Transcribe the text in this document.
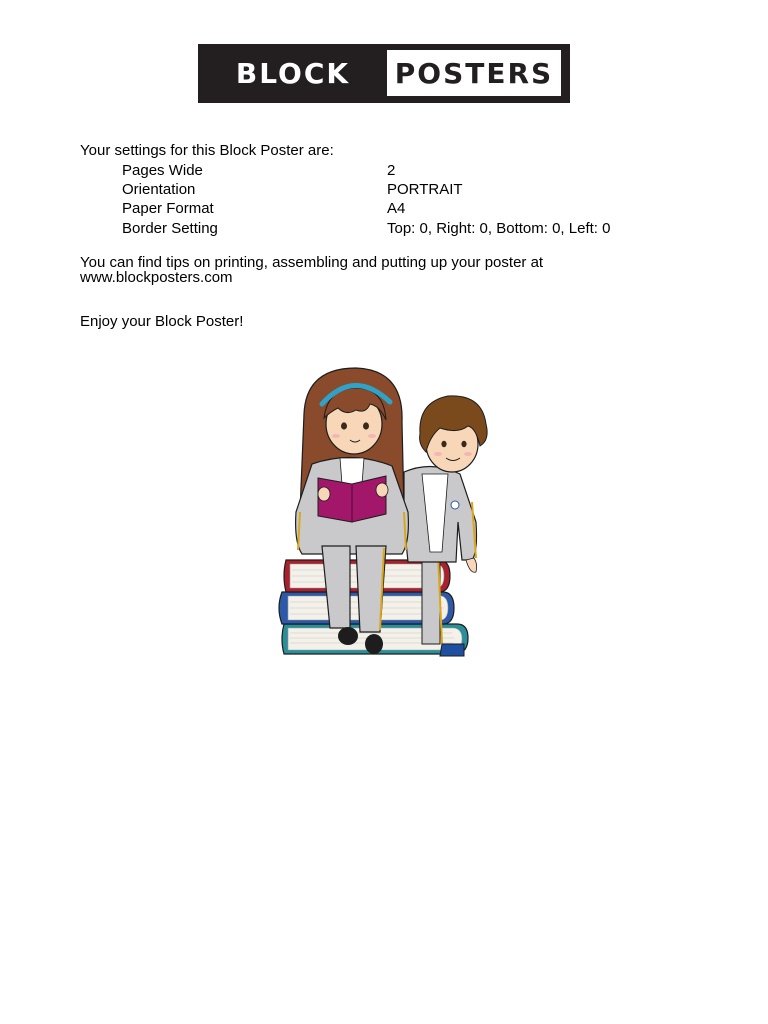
BLOCK	POSTERS
Your settings for this Block Poster are:
Pages Wide	2
Orientation	PORTRAIT
Paper Format	A4
Border Setting	Top: 0, Right: 0, Bottom: 0, Left: 0
You can find tips on printing, assembling and putting up your poster at
www.blockposters.com
Enjoy your Block Poster!
